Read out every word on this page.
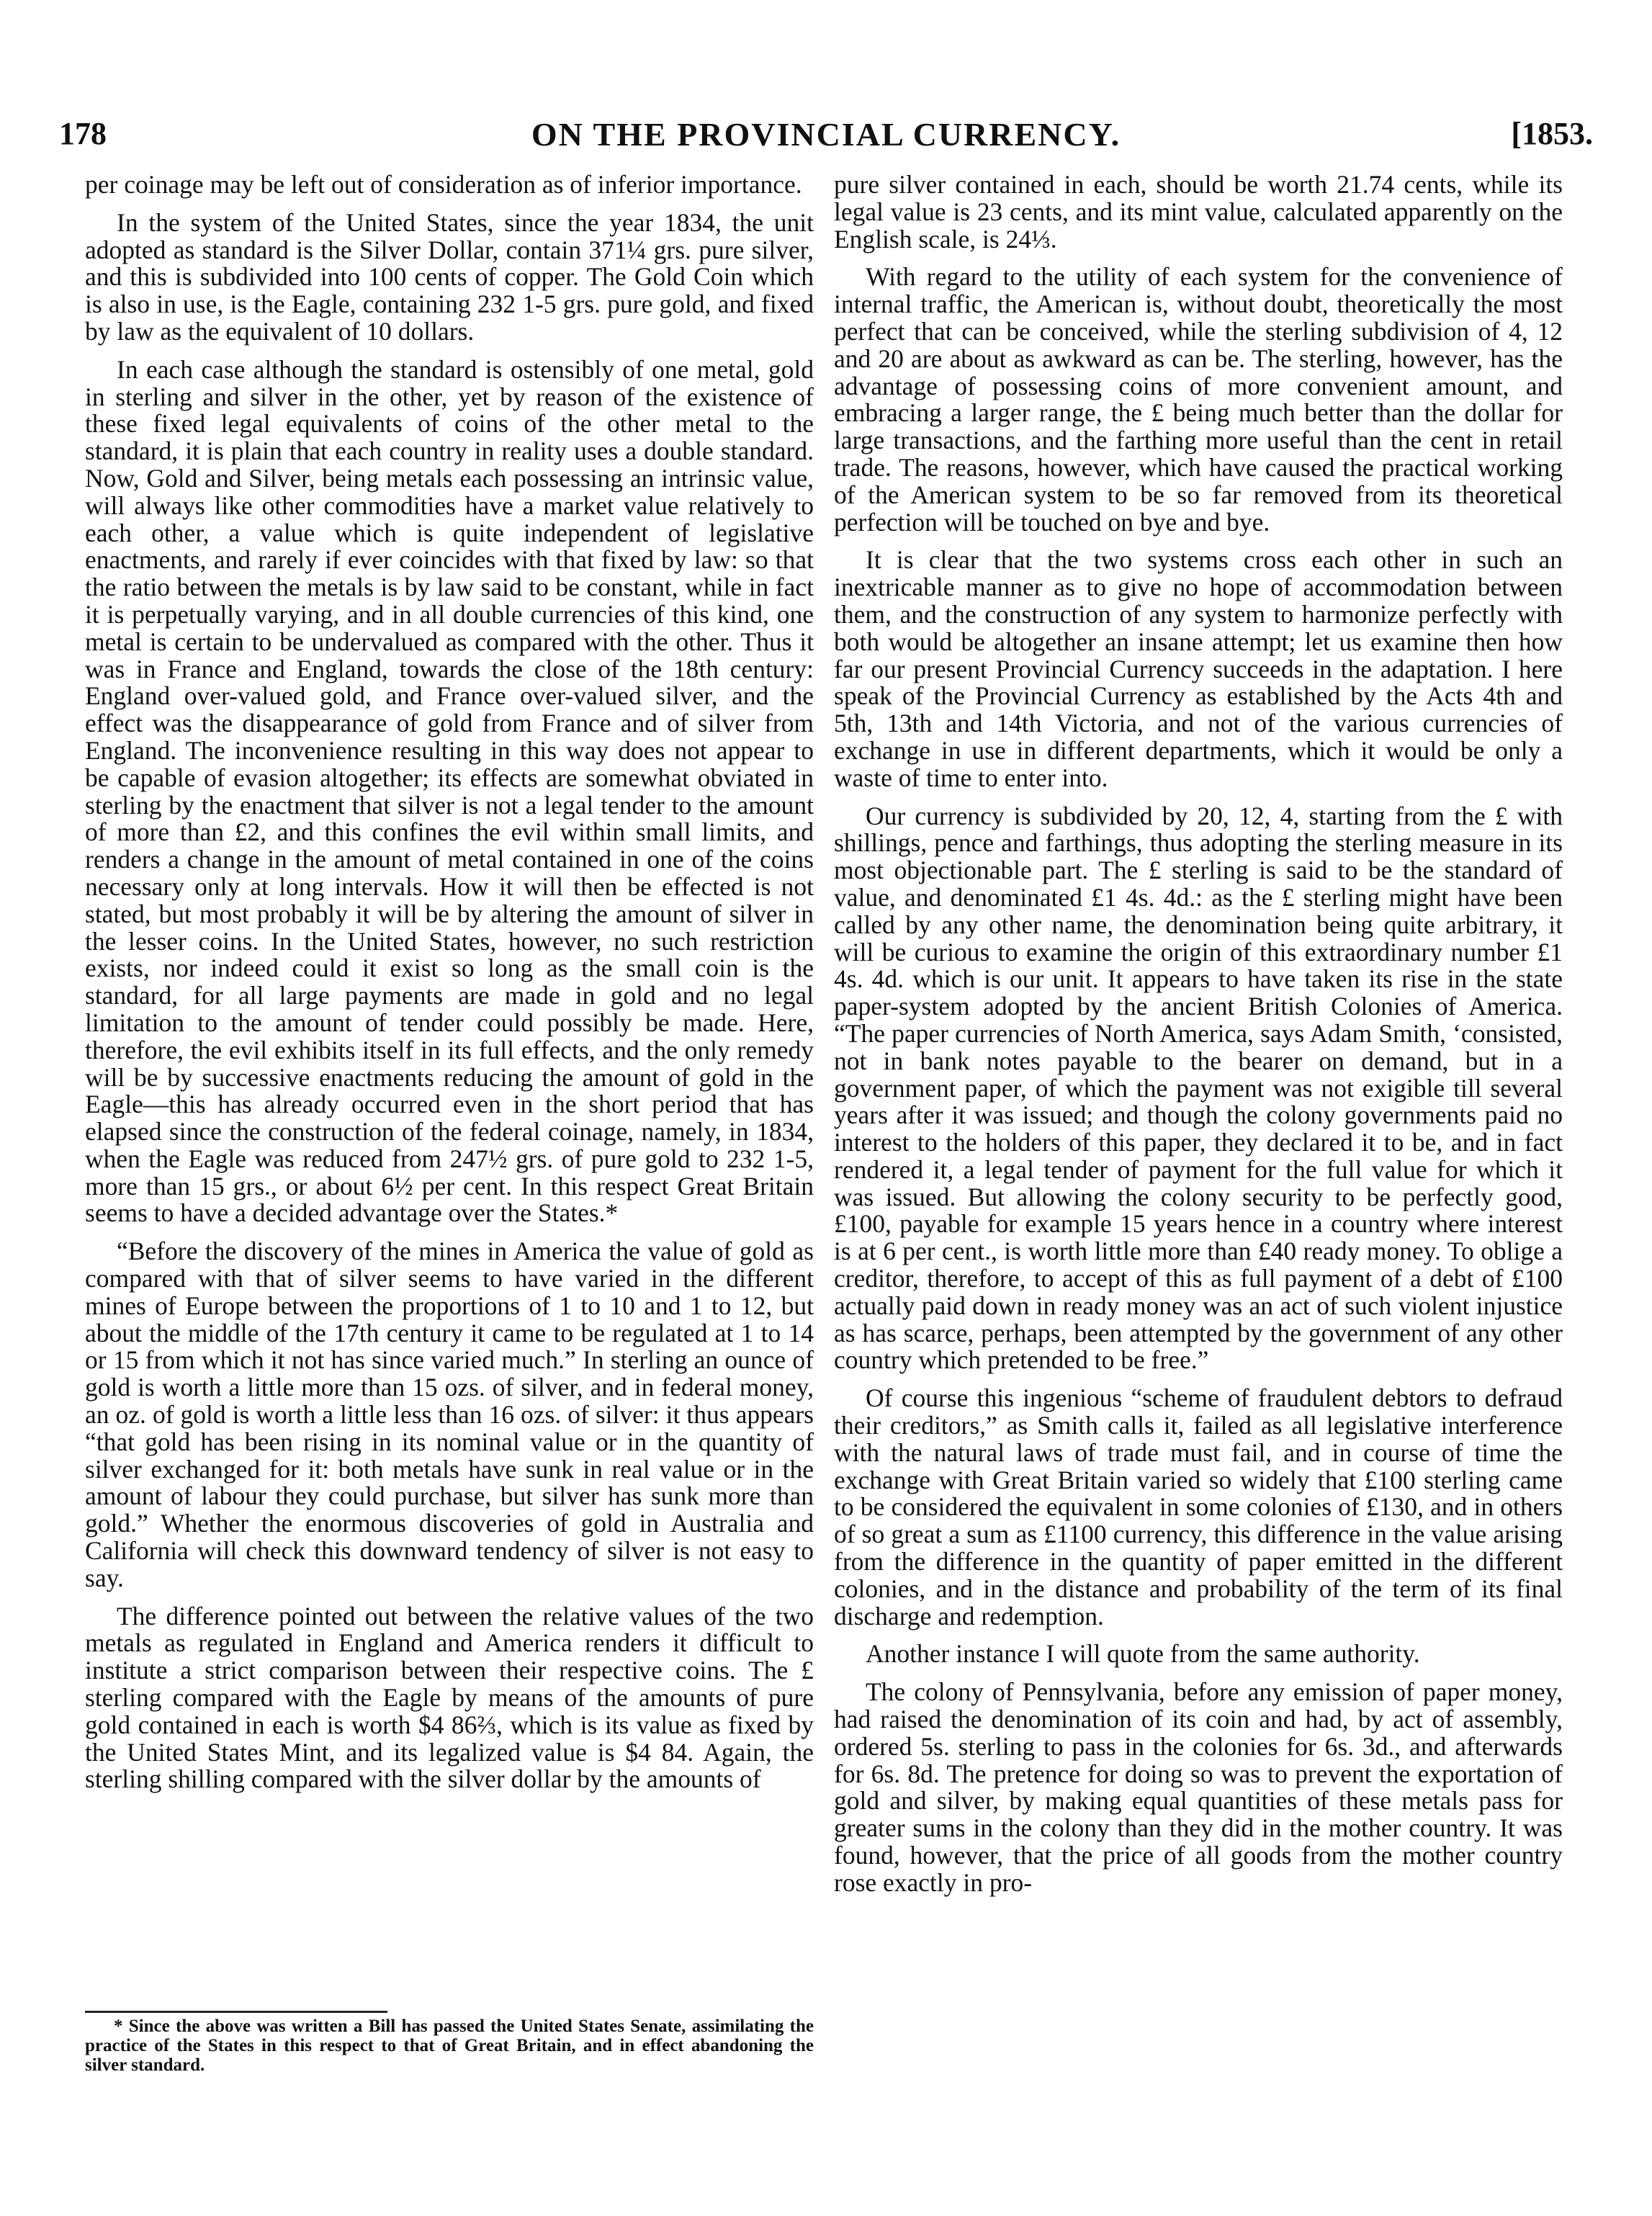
178	ON THE PROVINCIAL CURRENCY.	[1853.

per coinage may be left out of consideration as of inferior importance.

In the system of the United States, since the year 1834, the unit adopted as standard is the Silver Dollar, contain 371¼ grs. pure silver, and this is subdivided into 100 cents of copper. The Gold Coin which is also in use, is the Eagle, containing 232 1-5 grs. pure gold, and fixed by law as the equivalent of 10 dollars.

In each case although the standard is ostensibly of one metal, gold in sterling and silver in the other, yet by reason of the existence of these fixed legal equivalents of coins of the other metal to the standard, it is plain that each country in reality uses a double standard. Now, Gold and Silver, being metals each possessing an intrinsic value, will always like other commodities have a market value relatively to each other, a value which is quite independent of legislative enactments, and rarely if ever coincides with that fixed by law: so that the ratio between the metals is by law said to be constant, while in fact it is perpetually varying, and in all double currencies of this kind, one metal is certain to be undervalued as compared with the other. Thus it was in France and England, towards the close of the 18th century: England over-valued gold, and France over-valued silver, and the effect was the disappearance of gold from France and of silver from England. The inconvenience resulting in this way does not appear to be capable of evasion altogether; its effects are somewhat obviated in sterling by the enactment that silver is not a legal tender to the amount of more than £2, and this confines the evil within small limits, and renders a change in the amount of metal contained in one of the coins necessary only at long intervals. How it will then be effected is not stated, but most probably it will be by altering the amount of silver in the lesser coins. In the United States, however, no such restriction exists, nor indeed could it exist so long as the small coin is the standard, for all large payments are made in gold and no legal limitation to the amount of tender could possibly be made. Here, therefore, the evil exhibits itself in its full effects, and the only remedy will be by successive enactments reducing the amount of gold in the Eagle—this has already occurred even in the short period that has elapsed since the construction of the federal coinage, namely, in 1834, when the Eagle was reduced from 247½ grs. of pure gold to 232 1-5, more than 15 grs., or about 6½ per cent. In this respect Great Britain seems to have a decided advantage over the States.*

“Before the discovery of the mines in America the value of gold as compared with that of silver seems to have varied in the different mines of Europe between the proportions of 1 to 10 and 1 to 12, but about the middle of the 17th century it came to be regulated at 1 to 14 or 15 from which it not has since varied much.” In sterling an ounce of gold is worth a little more than 15 ozs. of silver, and in federal money, an oz. of gold is worth a little less than 16 ozs. of silver: it thus appears “that gold has been rising in its nominal value or in the quantity of silver exchanged for it: both metals have sunk in real value or in the amount of labour they could purchase, but silver has sunk more than gold.” Whether the enormous discoveries of gold in Australia and California will check this downward tendency of silver is not easy to say.

The difference pointed out between the relative values of the two metals as regulated in England and America renders it difficult to institute a strict comparison between their respective coins. The £ sterling compared with the Eagle by means of the amounts of pure gold contained in each is worth $4 86⅔, which is its value as fixed by the United States Mint, and its legalized value is $4 84. Again, the sterling shilling compared with the silver dollar by the amounts of

* Since the above was written a Bill has passed the United States Senate, assimilating the practice of the States in this respect to that of Great Britain, and in effect abandoning the silver standard.

pure silver contained in each, should be worth 21.74 cents, while its legal value is 23 cents, and its mint value, calculated apparently on the English scale, is 24⅓.

With regard to the utility of each system for the convenience of internal traffic, the American is, without doubt, theoretically the most perfect that can be conceived, while the sterling subdivision of 4, 12 and 20 are about as awkward as can be. The sterling, however, has the advantage of possessing coins of more convenient amount, and embracing a larger range, the £ being much better than the dollar for large transactions, and the farthing more useful than the cent in retail trade. The reasons, however, which have caused the practical working of the American system to be so far removed from its theoretical perfection will be touched on bye and bye.

It is clear that the two systems cross each other in such an inextricable manner as to give no hope of accommodation between them, and the construction of any system to harmonize perfectly with both would be altogether an insane attempt; let us examine then how far our present Provincial Currency succeeds in the adaptation. I here speak of the Provincial Currency as established by the Acts 4th and 5th, 13th and 14th Victoria, and not of the various currencies of exchange in use in different departments, which it would be only a waste of time to enter into.

Our currency is subdivided by 20, 12, 4, starting from the £ with shillings, pence and farthings, thus adopting the sterling measure in its most objectionable part. The £ sterling is said to be the standard of value, and denominated £1 4s. 4d.: as the £ sterling might have been called by any other name, the denomination being quite arbitrary, it will be curious to examine the origin of this extraordinary number £1 4s. 4d. which is our unit. It appears to have taken its rise in the state paper-system adopted by the ancient British Colonies of America. “The paper currencies of North America, says Adam Smith, ‘consisted, not in bank notes payable to the bearer on demand, but in a government paper, of which the payment was not exigible till several years after it was issued; and though the colony governments paid no interest to the holders of this paper, they declared it to be, and in fact rendered it, a legal tender of payment for the full value for which it was issued. But allowing the colony security to be perfectly good, £100, payable for example 15 years hence in a country where interest is at 6 per cent., is worth little more than £40 ready money. To oblige a creditor, therefore, to accept of this as full payment of a debt of £100 actually paid down in ready money was an act of such violent injustice as has scarce, perhaps, been attempted by the government of any other country which pretended to be free.”

Of course this ingenious “scheme of fraudulent debtors to defraud their creditors,” as Smith calls it, failed as all legislative interference with the natural laws of trade must fail, and in course of time the exchange with Great Britain varied so widely that £100 sterling came to be considered the equivalent in some colonies of £130, and in others of so great a sum as £1100 currency, this difference in the value arising from the difference in the quantity of paper emitted in the different colonies, and in the distance and probability of the term of its final discharge and redemption.

Another instance I will quote from the same authority.

The colony of Pennsylvania, before any emission of paper money, had raised the denomination of its coin and had, by act of assembly, ordered 5s. sterling to pass in the colonies for 6s. 3d., and afterwards for 6s. 8d. The pretence for doing so was to prevent the exportation of gold and silver, by making equal quantities of these metals pass for greater sums in the colony than they did in the mother country. It was found, however, that the price of all goods from the mother country rose exactly in pro-
